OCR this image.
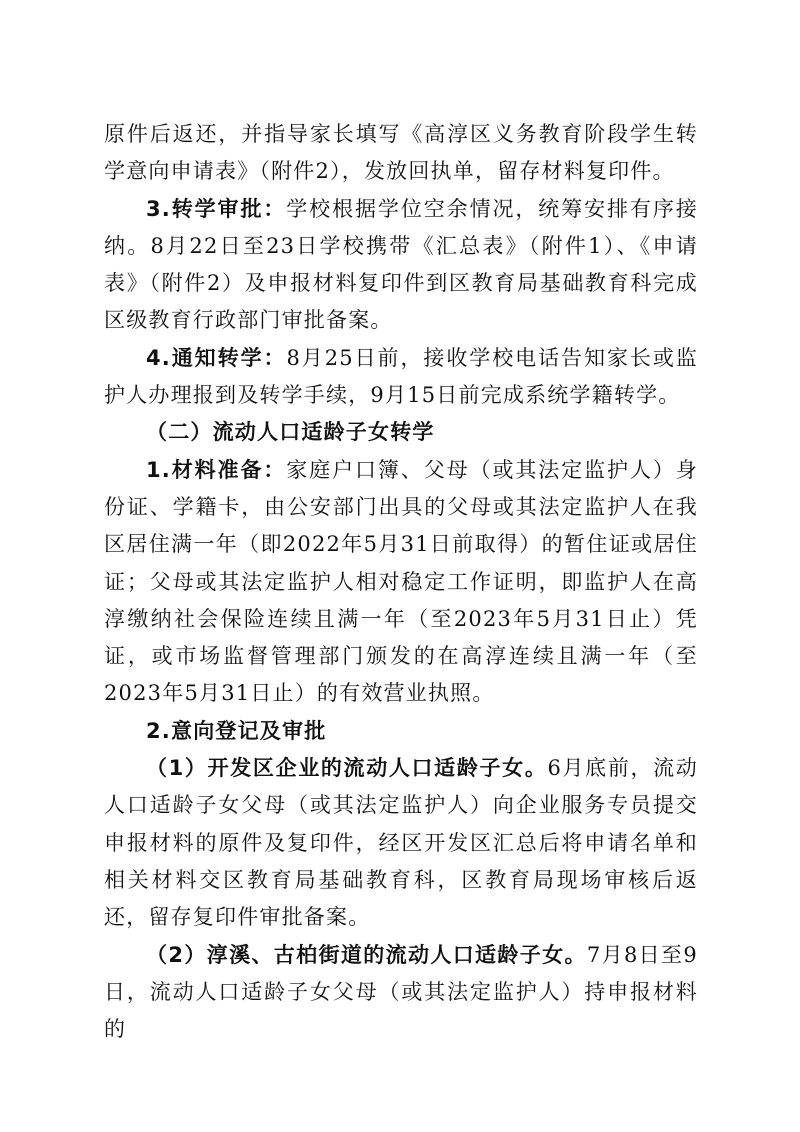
原件后返还，并指导家长填写《高淳区义务教育阶段学生转学意向申请表》（附件2），发放回执单，留存材料复印件。

3.转学审批：学校根据学位空余情况，统筹安排有序接纳。8月22日至23日学校携带《汇总表》（附件1）、《申请表》（附件2）及申报材料复印件到区教育局基础教育科完成区级教育行政部门审批备案。

4.通知转学：8月25日前，接收学校电话告知家长或监护人办理报到及转学手续，9月15日前完成系统学籍转学。

（二）流动人口适龄子女转学

1.材料准备：家庭户口簿、父母（或其法定监护人）身份证、学籍卡，由公安部门出具的父母或其法定监护人在我区居住满一年（即2022年5月31日前取得）的暂住证或居住证；父母或其法定监护人相对稳定工作证明，即监护人在高淳缴纳社会保险连续且满一年（至2023年5月31日止）凭证，或市场监督管理部门颁发的在高淳连续且满一年（至2023年5月31日止）的有效营业执照。

2.意向登记及审批

（1）开发区企业的流动人口适龄子女。6月底前，流动人口适龄子女父母（或其法定监护人）向企业服务专员提交申报材料的原件及复印件，经区开发区汇总后将申请名单和相关材料交区教育局基础教育科，区教育局现场审核后返还，留存复印件审批备案。

（2）淳溪、古柏街道的流动人口适龄子女。7月8日至9日，流动人口适龄子女父母（或其法定监护人）持申报材料的
